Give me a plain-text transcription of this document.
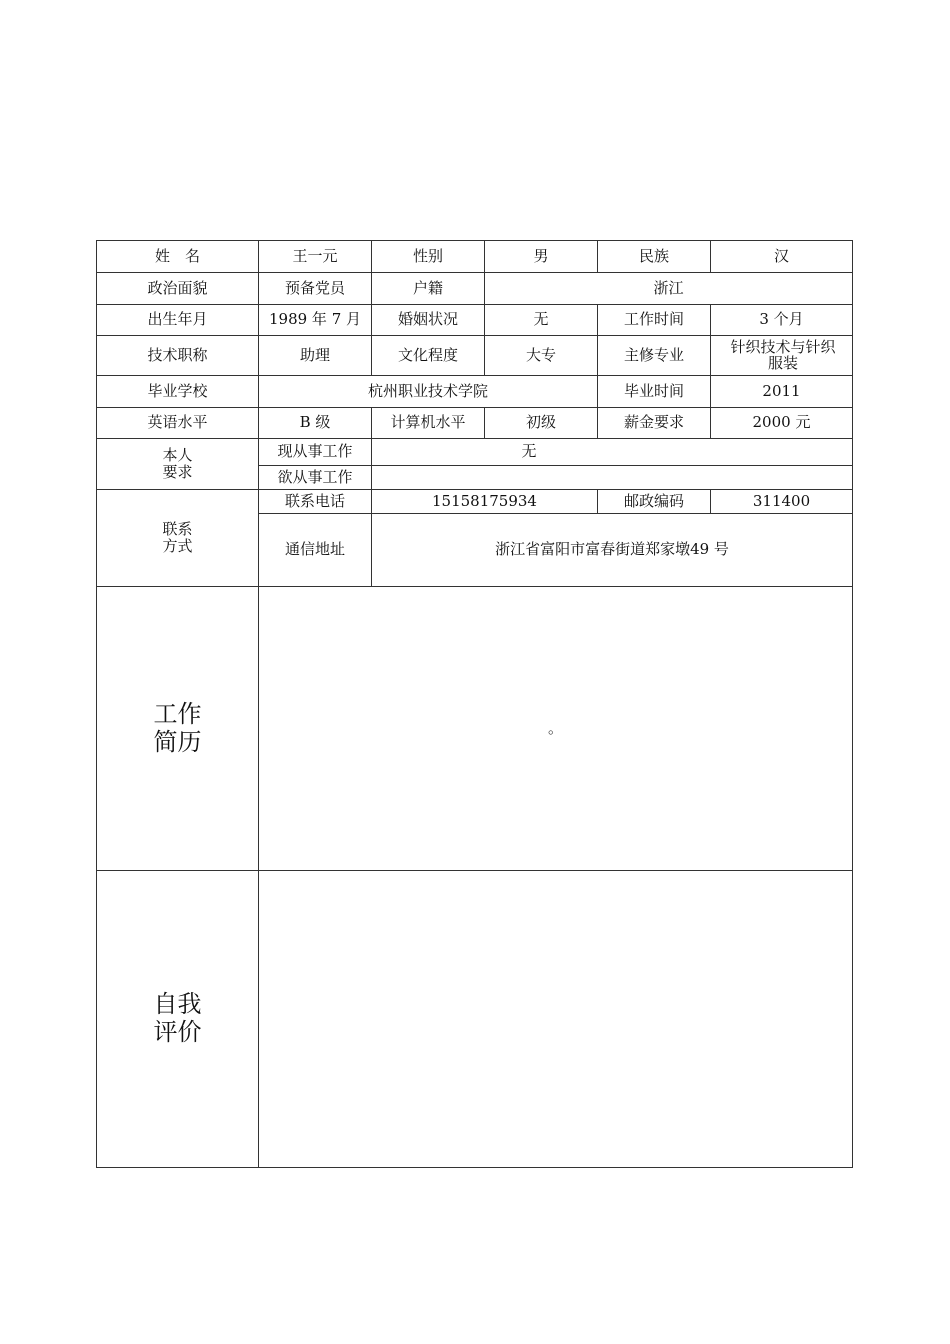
姓　名	王一元	性别	男	民族	汉
政治面貌	预备党员	户籍	浙江		
出生年月	1989 年 7 月	婚姻状况	无	工作时间	3 个月
技术职称	助理	文化程度	大专	主修专业	针织技术与针织
服装
毕业学校	杭州职业技术学院			毕业时间	2011
英语水平	B 级	计算机水平	初级	薪金要求	2000 元
本人
要求	现从事工作	无			
	欲从事工作				
联系
方式	联系电话	15158175934		邮政编码	311400
	通信地址	浙江省富阳市富春街道郑家墩49 号			
工作
简历	。				
自我
评价					
